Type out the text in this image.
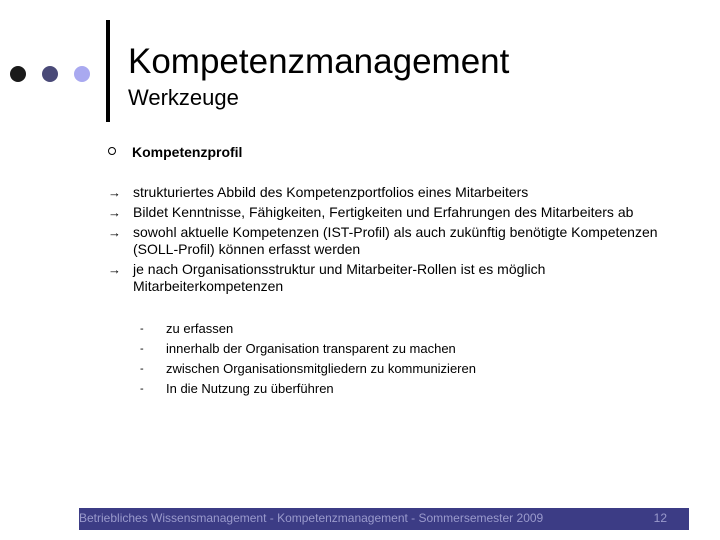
Kompetenzmanagement
Werkzeuge
Kompetenzprofil
→ strukturiertes Abbild des Kompetenzportfolios eines Mitarbeiters
→ Bildet Kenntnisse, Fähigkeiten, Fertigkeiten und Erfahrungen des Mitarbeiters ab
→ sowohl aktuelle Kompetenzen (IST-Profil) als auch zukünftig benötigte Kompetenzen (SOLL-Profil) können erfasst werden
→ je nach Organisationsstruktur und Mitarbeiter-Rollen ist es möglich Mitarbeiterkompetenzen
- zu erfassen
- innerhalb der Organisation transparent zu machen
- zwischen Organisationsmitgliedern zu kommunizieren
- In die Nutzung zu überführen
Betriebliches Wissensmanagement - Kompetenzmanagement - Sommersemester 2009	12
